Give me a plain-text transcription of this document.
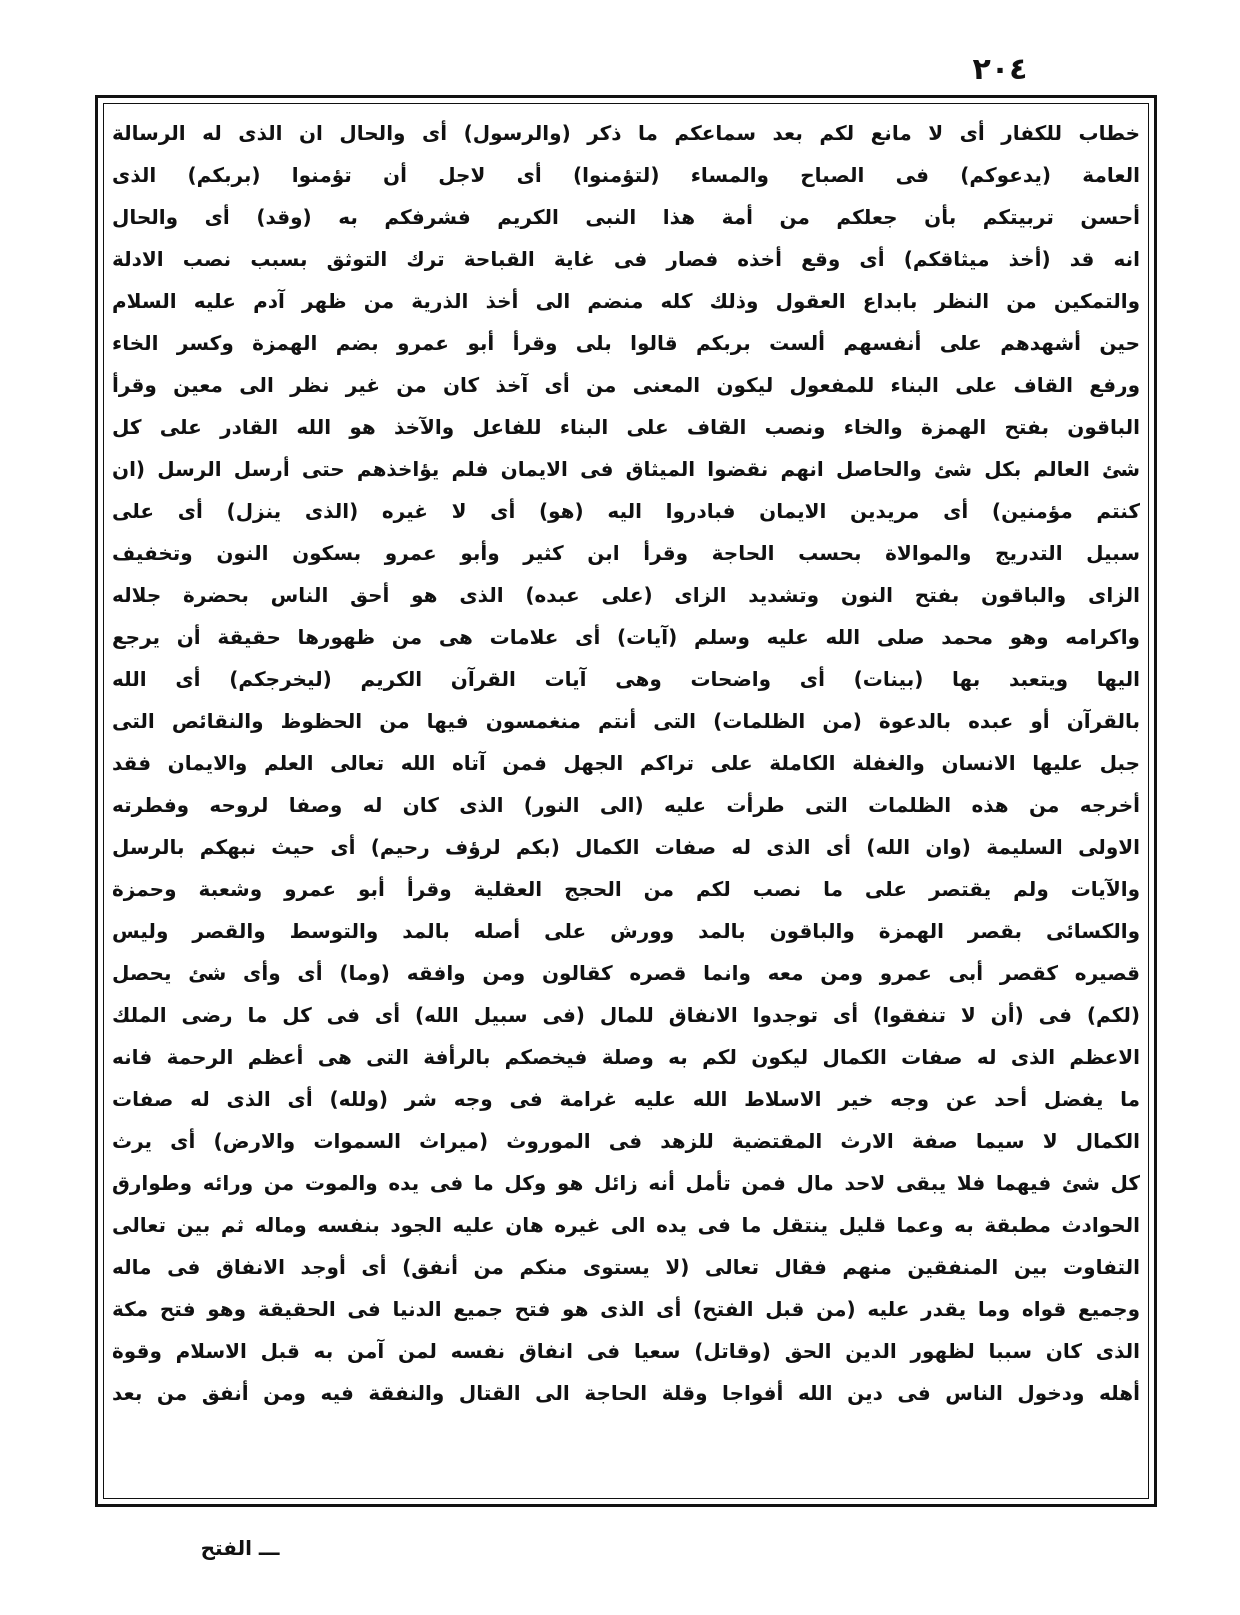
٢٠٤
خطاب للكفار أى لا مانع لكم بعد سماعكم ما ذكر (والرسول) أى والحال ان الذى له الرسالة
العامة (يدعوكم) فى الصباح والمساء (لتؤمنوا) أى لاجل أن تؤمنوا (بربكم) الذى
أحسن تربيتكم بأن جعلكم من أمة هذا النبى الكريم فشرفكم به (وقد) أى والحال
انه قد (أخذ ميثاقكم) أى وقع أخذه فصار فى غاية القباحة ترك التوثق بسبب نصب الادلة
والتمكين من النظر بابداع العقول وذلك كله منضم الى أخذ الذرية من ظهر آدم عليه السلام
حين أشهدهم على أنفسهم ألست بربكم قالوا بلى وقرأ أبو عمرو بضم الهمزة وكسر الخاء
ورفع القاف على البناء للمفعول ليكون المعنى من أى آخذ كان من غير نظر الى معين وقرأ
الباقون بفتح الهمزة والخاء ونصب القاف على البناء للفاعل والآخذ هو الله القادر على كل
شئ العالم بكل شئ والحاصل انهم نقضوا الميثاق فى الايمان فلم يؤاخذهم حتى أرسل الرسل (ان
كنتم مؤمنين) أى مريدين الايمان فبادروا اليه (هو) أى لا غيره (الذى ينزل) أى على
سبيل التدريج والموالاة بحسب الحاجة وقرأ ابن كثير وأبو عمرو بسكون النون وتخفيف
الزاى والباقون بفتح النون وتشديد الزاى (على عبده) الذى هو أحق الناس بحضرة جلاله
واكرامه وهو محمد صلى الله عليه وسلم (آيات) أى علامات هى من ظهورها حقيقة أن يرجع
اليها ويتعبد بها (بينات) أى واضحات وهى آيات القرآن الكريم (ليخرجكم) أى الله
بالقرآن أو عبده بالدعوة (من الظلمات) التى أنتم منغمسون فيها من الحظوظ والنقائص التى
جبل عليها الانسان والغفلة الكاملة على تراكم الجهل فمن آتاه الله تعالى العلم والايمان فقد
أخرجه من هذه الظلمات التى طرأت عليه (الى النور) الذى كان له وصفا لروحه وفطرته
الاولى السليمة (وان الله) أى الذى له صفات الكمال (بكم لرؤف رحيم) أى حيث نبهكم بالرسل
والآيات ولم يقتصر على ما نصب لكم من الحجج العقلية وقرأ أبو عمرو وشعبة وحمزة
والكسائى بقصر الهمزة والباقون بالمد وورش على أصله بالمد والتوسط والقصر وليس
قصيره كقصر أبى عمرو ومن معه وانما قصره كقالون ومن وافقه (وما) أى وأى شئ يحصل
(لكم) فى (أن لا تنفقوا) أى توجدوا الانفاق للمال (فى سبيل الله) أى فى كل ما رضى الملك
الاعظم الذى له صفات الكمال ليكون لكم به وصلة فيخصكم بالرأفة التى هى أعظم الرحمة فانه
ما يفضل أحد عن وجه خير الاسلاط الله عليه غرامة فى وجه شر (ولله) أى الذى له صفات
الكمال لا سيما صفة الارث المقتضية للزهد فى الموروث (ميراث السموات والارض) أى يرث
كل شئ فيهما فلا يبقى لاحد مال فمن تأمل أنه زائل هو وكل ما فى يده والموت من ورائه وطوارق
الحوادث مطبقة به وعما قليل ينتقل ما فى يده الى غيره هان عليه الجود بنفسه وماله ثم بين تعالى
التفاوت بين المنفقين منهم فقال تعالى (لا يستوى منكم من أنفق) أى أوجد الانفاق فى ماله
وجميع قواه وما يقدر عليه (من قبل الفتح) أى الذى هو فتح جميع الدنيا فى الحقيقة وهو فتح مكة
الذى كان سببا لظهور الدين الحق (وقاتل) سعيا فى انفاق نفسه لمن آمن به قبل الاسلام وقوة
أهله ودخول الناس فى دين الله أفواجا وقلة الحاجة الى القتال والنفقة فيه ومن أنفق من بعد
ـــ الفتح
